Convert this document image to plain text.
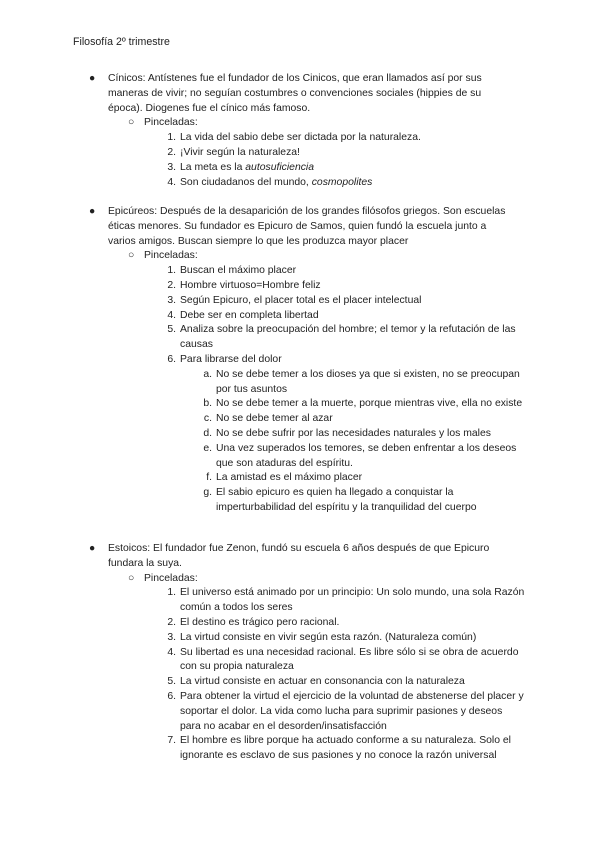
Filosofía 2º trimestre
● Cínicos: Antístenes fue el fundador de los Cinicos, que eran llamados así por sus maneras de vivir; no seguían costumbres o convenciones sociales (hippies de su época). Diogenes fue el cínico más famoso.
○ Pinceladas:
1. La vida del sabio debe ser dictada por la naturaleza.
2. ¡Vivir según la naturaleza!
3. La meta es la autosuficiencia
4. Son ciudadanos del mundo, cosmopolites
● Epicúreos: Después de la desaparición de los grandes filósofos griegos. Son escuelas éticas menores. Su fundador es Epicuro de Samos, quien fundó la escuela junto a varios amigos. Buscan siempre lo que les produzca mayor placer
○ Pinceladas:
1. Buscan el máximo placer
2. Hombre virtuoso=Hombre feliz
3. Según Epicuro, el placer total es el placer intelectual
4. Debe ser en completa libertad
5. Analiza sobre la preocupación del hombre; el temor y la refutación de las causas
6. Para librarse del dolor
a. No se debe temer a los dioses ya que si existen, no se preocupan por tus asuntos
b. No se debe temer a la muerte, porque mientras vive, ella no existe
c. No se debe temer al azar
d. No se debe sufrir por las necesidades naturales y los males
e. Una vez superados los temores, se deben enfrentar a los deseos que son ataduras del espíritu.
f. La amistad es el máximo placer
g. El sabio epicuro es quien ha llegado a conquistar la imperturbabilidad del espíritu y la tranquilidad del cuerpo
● Estoicos: El fundador fue Zenon, fundó su escuela 6 años después de que Epicuro fundara la suya.
○ Pinceladas:
1. El universo está animado por un principio: Un solo mundo, una sola Razón común a todos los seres
2. El destino es trágico pero racional.
3. La virtud consiste en vivir según esta razón. (Naturaleza común)
4. Su libertad es una necesidad racional. Es libre sólo si se obra de acuerdo con su propia naturaleza
5. La virtud consiste en actuar en consonancia con la naturaleza
6. Para obtener la virtud el ejercicio de la voluntad de abstenerse del placer y soportar el dolor. La vida como lucha para suprimir pasiones y deseos para no acabar en el desorden/insatisfacción
7. El hombre es libre porque ha actuado conforme a su naturaleza. Solo el ignorante es esclavo de sus pasiones y no conoce la razón universal
